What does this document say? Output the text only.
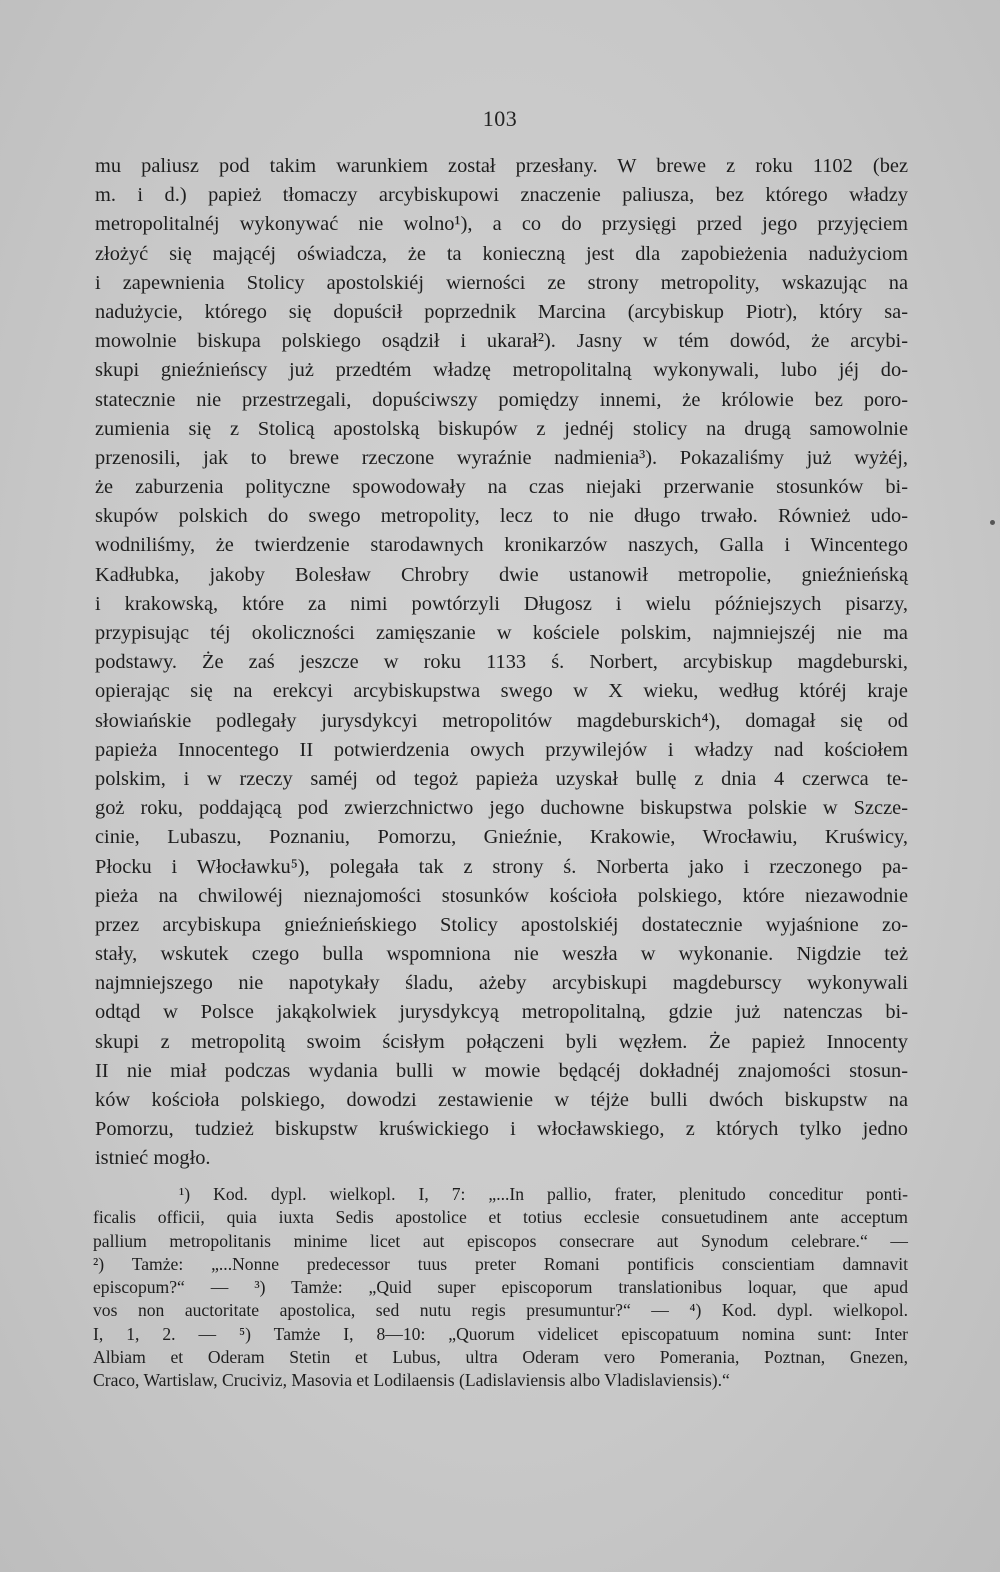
103
mu paliusz pod takim warunkiem został przesłany. W brewe z roku 1102 (bez
m. i d.) papież tłomaczy arcybiskupowi znaczenie paliusza, bez którego władzy
metropolitalnéj wykonywać nie wolno¹), a co do przysięgi przed jego przyjęciem
złożyć się mającéj oświadcza, że ta konieczną jest dla zapobieżenia nadużyciom
i zapewnienia Stolicy apostolskiéj wierności ze strony metropolity, wskazując na
nadużycie, którego się dopuścił poprzednik Marcina (arcybiskup Piotr), który sa-
mowolnie biskupa polskiego osądził i ukarał²). Jasny w tém dowód, że arcybi-
skupi gnieźnieńscy już przedtém władzę metropolitalną wykonywali, lubo jéj do-
statecznie nie przestrzegali, dopuściwszy pomiędzy innemi, że królowie bez poro-
zumienia się z Stolicą apostolską biskupów z jednéj stolicy na drugą samowolnie
przenosili, jak to brewe rzeczone wyraźnie nadmienia³). Pokazaliśmy już wyżéj,
że zaburzenia polityczne spowodowały na czas niejaki przerwanie stosunków bi-
skupów polskich do swego metropolity, lecz to nie długo trwało. Również udo-
wodniliśmy, że twierdzenie starodawnych kronikarzów naszych, Galla i Wincentego
Kadłubka, jakoby Bolesław Chrobry dwie ustanowił metropolie, gnieźnieńską
i krakowską, które za nimi powtórzyli Długosz i wielu późniejszych pisarzy,
przypisując téj okoliczności zamięszanie w kościele polskim, najmniejszéj nie ma
podstawy. Że zaś jeszcze w roku 1133 ś. Norbert, arcybiskup magdeburski,
opierając się na erekcyi arcybiskupstwa swego w X wieku, według któréj kraje
słowiańskie podlegały jurysdykcyi metropolitów magdeburskich⁴), domagał się od
papieża Innocentego II potwierdzenia owych przywilejów i władzy nad kościołem
polskim, i w rzeczy saméj od tegoż papieża uzyskał bullę z dnia 4 czerwca te-
goż roku, poddającą pod zwierzchnictwo jego duchowne biskupstwa polskie w Szcze-
cinie, Lubaszu, Poznaniu, Pomorzu, Gnieźnie, Krakowie, Wrocławiu, Kruświcy,
Płocku i Włocławku⁵), polegała tak z strony ś. Norberta jako i rzeczonego pa-
pieża na chwilowéj nieznajomości stosunków kościoła polskiego, które niezawodnie
przez arcybiskupa gnieźnieńskiego Stolicy apostolskiéj dostatecznie wyjaśnione zo-
stały, wskutek czego bulla wspomniona nie weszła w wykonanie. Nigdzie też
najmniejszego nie napotykały śladu, ażeby arcybiskupi magdeburscy wykonywali
odtąd w Polsce jakąkolwiek jurysdykcyą metropolitalną, gdzie już natenczas bi-
skupi z metropolitą swoim ścisłym połączeni byli węzłem. Że papież Innocenty
II nie miał podczas wydania bulli w mowie będącéj dokładnéj znajomości stosun-
ków kościoła polskiego, dowodzi zestawienie w téjże bulli dwóch biskupstw na
Pomorzu, tudzież biskupstw kruświckiego i włocławskiego, z których tylko jedno
istnieć mogło.
¹) Kod. dypl. wielkopl. I, 7: „...In pallio, frater, plenitudo conceditur ponti-
ficalis officii, quia iuxta Sedis apostolice et totius ecclesie consuetudinem ante acceptum
pallium metropolitanis minime licet aut episcopos consecrare aut Synodum celebrare.“ —
²) Tamże: „...Nonne predecessor tuus preter Romani pontificis conscientiam damnavit
episcopum?“ — ³) Tamże: „Quid super episcoporum translationibus loquar, que apud
vos non auctoritate apostolica, sed nutu regis presumuntur?“ — ⁴) Kod. dypl. wielkopol.
I, 1, 2. — ⁵) Tamże I, 8—10: „Quorum videlicet episcopatuum nomina sunt: Inter
Albiam et Oderam Stetin et Lubus, ultra Oderam vero Pomerania, Poztnan, Gnezen,
Craco, Wartislaw, Cruciviz, Masovia et Lodilaensis (Ladislaviensis albo Vladislaviensis).“
